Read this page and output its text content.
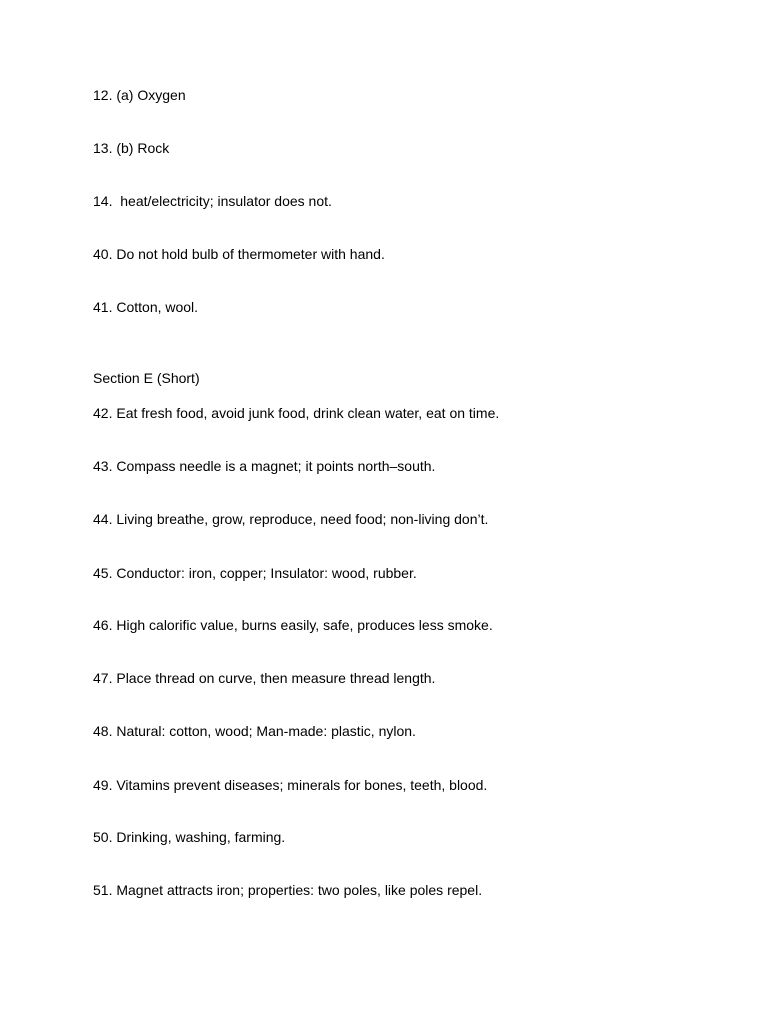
12. (a) Oxygen
13. (b) Rock
14.  heat/electricity; insulator does not.
40. Do not hold bulb of thermometer with hand.
41. Cotton, wool.
Section E (Short)
42. Eat fresh food, avoid junk food, drink clean water, eat on time.
43. Compass needle is a magnet; it points north–south.
44. Living breathe, grow, reproduce, need food; non-living don’t.
45. Conductor: iron, copper; Insulator: wood, rubber.
46. High calorific value, burns easily, safe, produces less smoke.
47. Place thread on curve, then measure thread length.
48. Natural: cotton, wood; Man-made: plastic, nylon.
49. Vitamins prevent diseases; minerals for bones, teeth, blood.
50. Drinking, washing, farming.
51. Magnet attracts iron; properties: two poles, like poles repel.
